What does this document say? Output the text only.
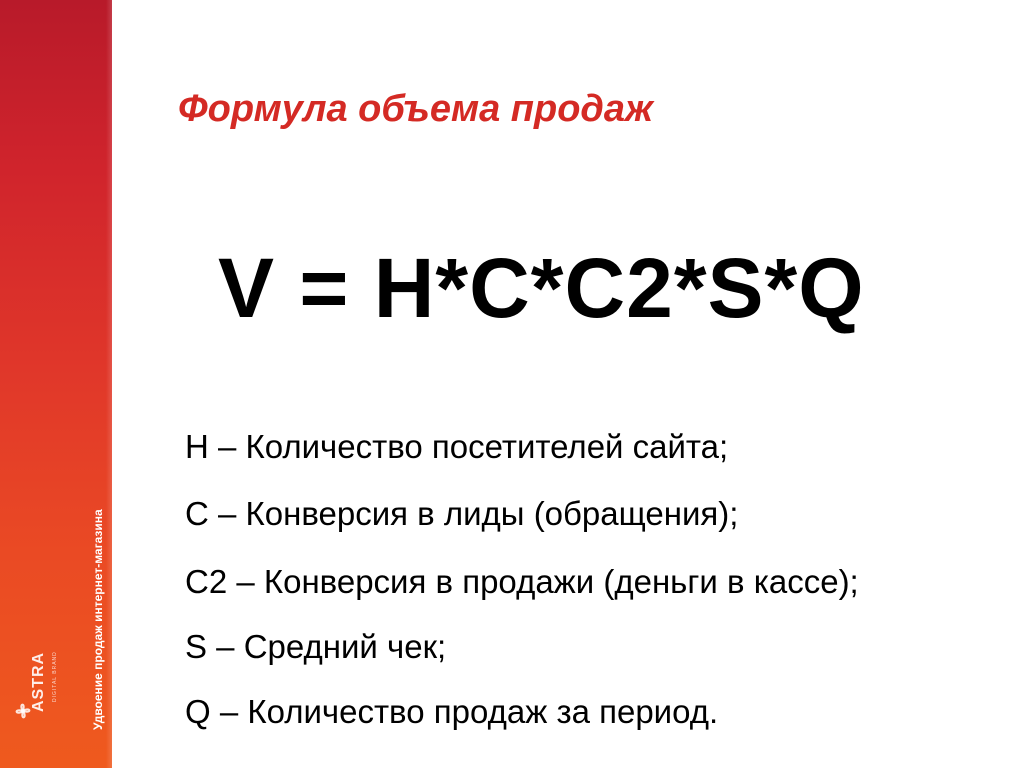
Удвоение продаж интернет-магазина
ASTRA DIGITAL BRAND
Формула объема продаж
V = H*C*C2*S*Q
H – Количество посетителей сайта;
C – Конверсия в лиды (обращения);
C2 – Конверсия в продажи (деньги в кассе);
S – Средний чек;
Q – Количество продаж за период.
